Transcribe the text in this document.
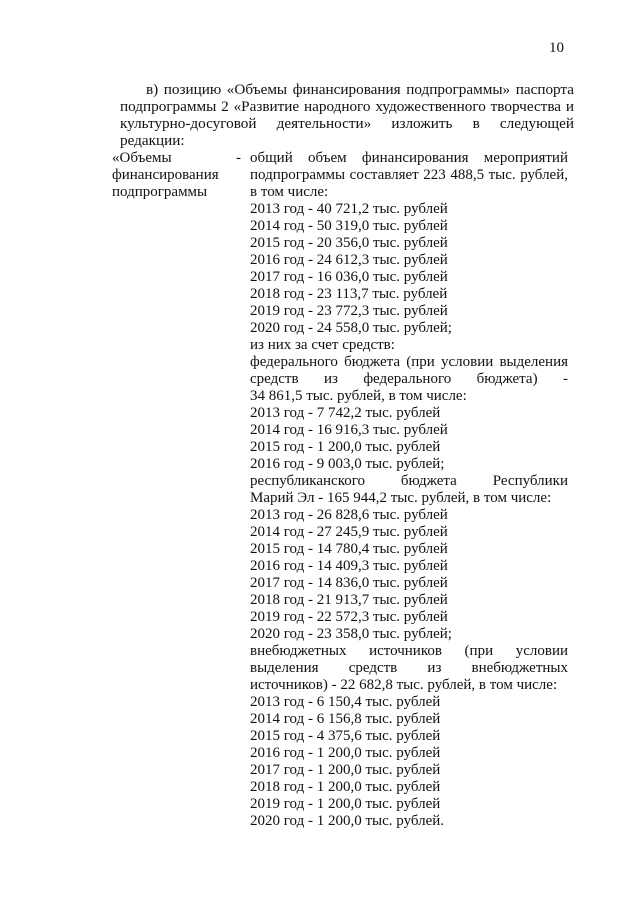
10
в) позицию «Объемы финансирования подпрограммы» паспорта подпрограммы 2 «Развитие народного художественного творчества и культурно-досуговой деятельности» изложить в следующей редакции:
«Объемы
финансирования
подпрограммы
- общий объем финансирования мероприятий
подпрограммы составляет 223 488,5 тыс. рублей,
в том числе:
2013 год - 40 721,2 тыс. рублей
2014 год - 50 319,0 тыс. рублей
2015 год - 20 356,0 тыс. рублей
2016 год - 24 612,3 тыс. рублей
2017 год - 16 036,0 тыс. рублей
2018 год - 23 113,7 тыс. рублей
2019 год - 23 772,3 тыс. рублей
2020 год - 24 558,0 тыс. рублей;
из них за счет средств:
федерального бюджета (при условии выделения
средств из федерального бюджета) -
34 861,5 тыс. рублей, в том числе:
2013 год - 7 742,2 тыс. рублей
2014 год - 16 916,3 тыс. рублей
2015 год - 1 200,0 тыс. рублей
2016 год - 9 003,0 тыс. рублей;
республиканского бюджета Республики
Марий Эл - 165 944,2 тыс. рублей, в том числе:
2013 год - 26 828,6 тыс. рублей
2014 год - 27 245,9 тыс. рублей
2015 год - 14 780,4 тыс. рублей
2016 год - 14 409,3 тыс. рублей
2017 год - 14 836,0 тыс. рублей
2018 год - 21 913,7 тыс. рублей
2019 год - 22 572,3 тыс. рублей
2020 год - 23 358,0 тыс. рублей;
внебюджетных источников (при условии
выделения средств из внебюджетных
источников) - 22 682,8 тыс. рублей, в том числе:
2013 год - 6 150,4 тыс. рублей
2014 год - 6 156,8 тыс. рублей
2015 год - 4 375,6 тыс. рублей
2016 год - 1 200,0 тыс. рублей
2017 год - 1 200,0 тыс. рублей
2018 год - 1 200,0 тыс. рублей
2019 год - 1 200,0 тыс. рублей
2020 год - 1 200,0 тыс. рублей.
